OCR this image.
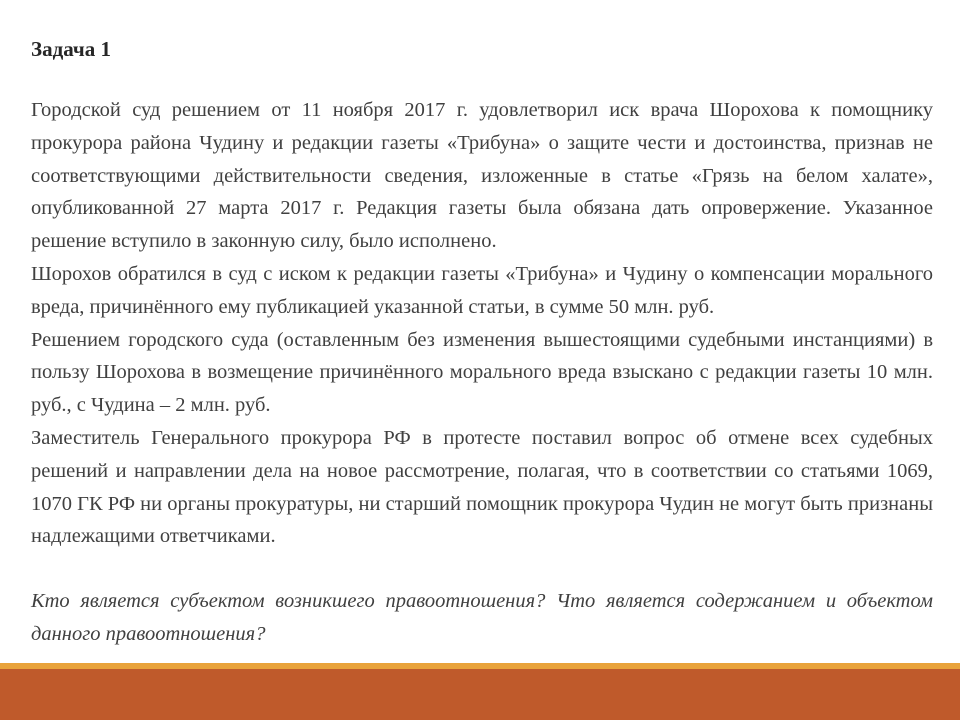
Задача 1

Городской суд решением от 11 ноября 2017 г. удовлетворил иск врача Шорохова к помощнику прокурора района Чудину и редакции газеты «Трибуна» о защите чести и достоинства, признав не соответствующими действительности сведения, изложенные в статье «Грязь на белом халате», опубликованной 27 марта 2017 г. Редакция газеты была обязана дать опровержение. Указанное решение вступило в законную силу, было исполнено.

Шорохов обратился в суд с иском к редакции газеты «Трибуна» и Чудину о компенсации морального вреда, причинённого ему публикацией указанной статьи, в сумме 50 млн. руб.

Решением городского суда (оставленным без изменения вышестоящими судебными инстанциями) в пользу Шорохова в возмещение причинённого морального вреда взыскано с редакции газеты 10 млн. руб., с Чудина – 2 млн. руб.

Заместитель Генерального прокурора РФ в протесте поставил вопрос об отмене всех судебных решений и направлении дела на новое рассмотрение, полагая, что в соответствии со статьями 1069, 1070 ГК РФ ни органы прокуратуры, ни старший помощник прокурора Чудин не могут быть признаны надлежащими ответчиками.

Кто является субъектом возникшего правоотношения? Что является содержанием и объектом данного правоотношения?
